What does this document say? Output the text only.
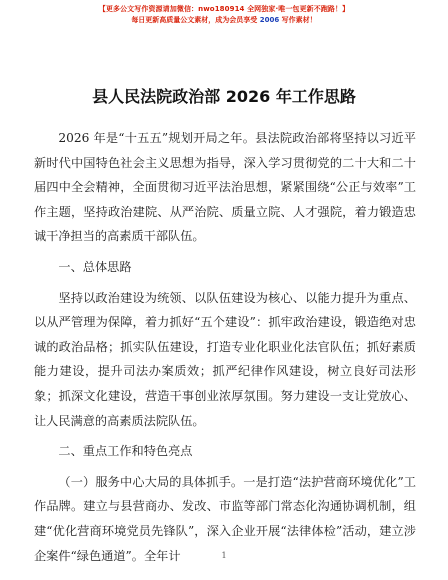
【更多公文写作资源请加微信：nwo180914 全网独家·唯一包更新不跑路！】
每日更新高质量公文素材，成为会员享受 2006 写作素材！
县人民法院政治部 2026 年工作思路

2026 年是“十五五”规划开局之年。县法院政治部将坚持以习近平新时代中国特色社会主义思想为指导，深入学习贯彻党的二十大和二十届四中全会精神，全面贯彻习近平法治思想，紧紧围绕“公正与效率”工作主题，坚持政治建院、从严治院、质量立院、人才强院，着力锻造忠诚干净担当的高素质干部队伍。

一、总体思路

坚持以政治建设为统领、以队伍建设为核心、以能力提升为重点、以从严管理为保障，着力抓好“五个建设”：抓牢政治建设，锻造绝对忠诚的政治品格；抓实队伍建设，打造专业化职业化法官队伍；抓好素质能力建设，提升司法办案质效；抓严纪律作风建设，树立良好司法形象；抓深文化建设，营造干事创业浓厚氛围。努力建设一支让党放心、让人民满意的高素质法院队伍。

二、重点工作和特色亮点

（一）服务中心大局的具体抓手。一是打造“法护营商环境优化”工作品牌。建立与县营商办、发改、市监等部门常态化沟通协调机制，组建“优化营商环境党员先锋队”，深入企业开展“法律体检”活动，建立涉企案件“绿色通道”。全年计	1
